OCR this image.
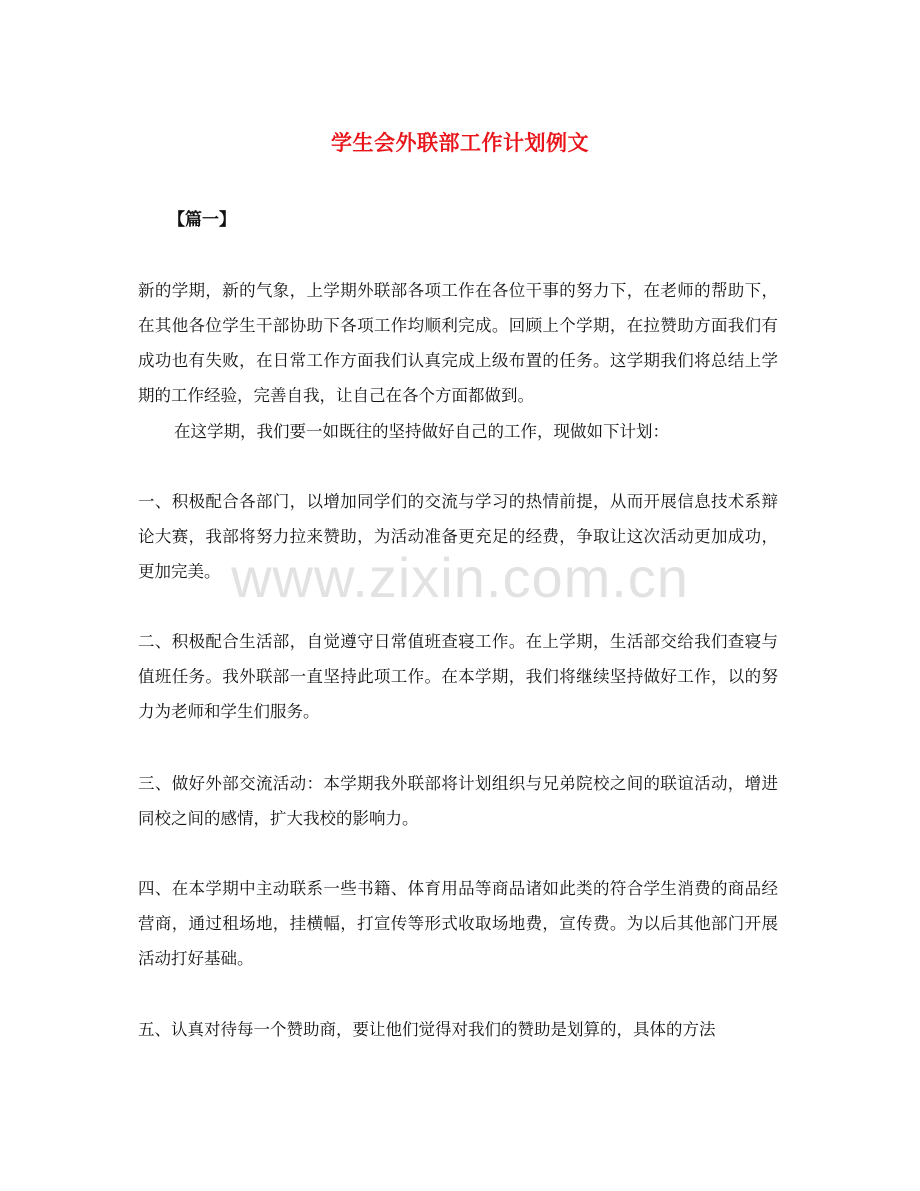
学生会外联部工作计划例文
【篇一】

新的学期，新的气象，上学期外联部各项工作在各位干事的努力下，在老师的帮助下，在其他各位学生干部协助下各项工作均顺利完成。回顾上个学期，在拉赞助方面我们有成功也有失败，在日常工作方面我们认真完成上级布置的任务。这学期我们将总结上学期的工作经验，完善自我，让自己在各个方面都做到。

在这学期，我们要一如既往的坚持做好自己的工作，现做如下计划：

一、积极配合各部门，以增加同学们的交流与学习的热情前提，从而开展信息技术系辩论大赛，我部将努力拉来赞助，为活动准备更充足的经费，争取让这次活动更加成功，更加完美。

二、积极配合生活部，自觉遵守日常值班查寝工作。在上学期，生活部交给我们查寝与值班任务。我外联部一直坚持此项工作。在本学期，我们将继续坚持做好工作，以的努力为老师和学生们服务。

三、做好外部交流活动：本学期我外联部将计划组织与兄弟院校之间的联谊活动，增进同校之间的感情，扩大我校的影响力。

四、在本学期中主动联系一些书籍、体育用品等商品诸如此类的符合学生消费的商品经营商，通过租场地，挂横幅，打宣传等形式收取场地费，宣传费。为以后其他部门开展活动打好基础。

五、认真对待每一个赞助商，要让他们觉得对我们的赞助是划算的，具体的方法

www.zixin.com.cn
